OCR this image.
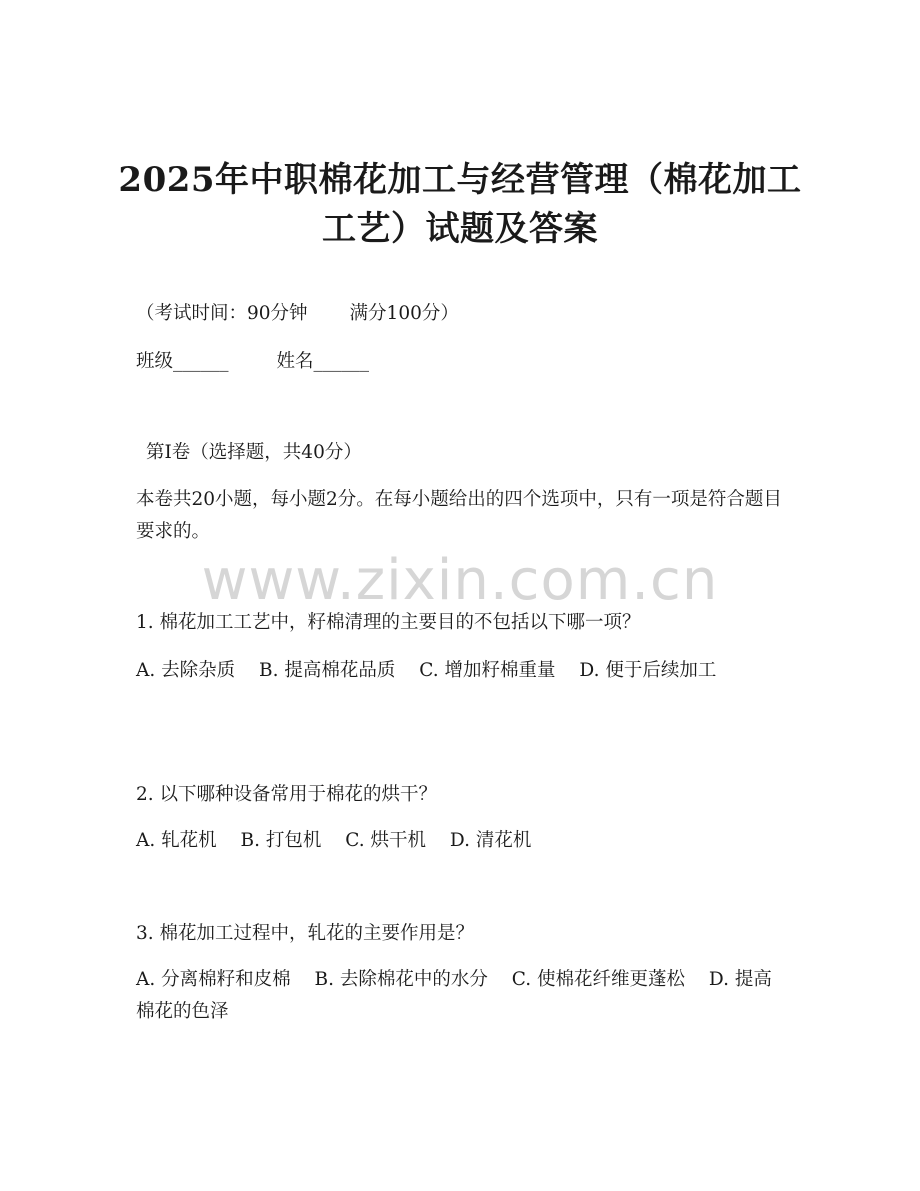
2025年中职棉花加工与经营管理（棉花加工
工艺）试题及答案
（考试时间：90分钟 满分100分）
班级______	姓名______
第Ⅰ卷（选择题，共40分）
本卷共20小题，每小题2分。在每小题给出的四个选项中，只有一项是符合题目要求的。
www.zixin.com.cn
1. 棉花加工工艺中，籽棉清理的主要目的不包括以下哪一项？
A. 去除杂质 B. 提高棉花品质 C. 增加籽棉重量 D. 便于后续加工
2. 以下哪种设备常用于棉花的烘干？
A. 轧花机 B. 打包机 C. 烘干机 D. 清花机
3. 棉花加工过程中，轧花的主要作用是？
A. 分离棉籽和皮棉 B. 去除棉花中的水分 C. 使棉花纤维更蓬松 D. 提高棉花的色泽
